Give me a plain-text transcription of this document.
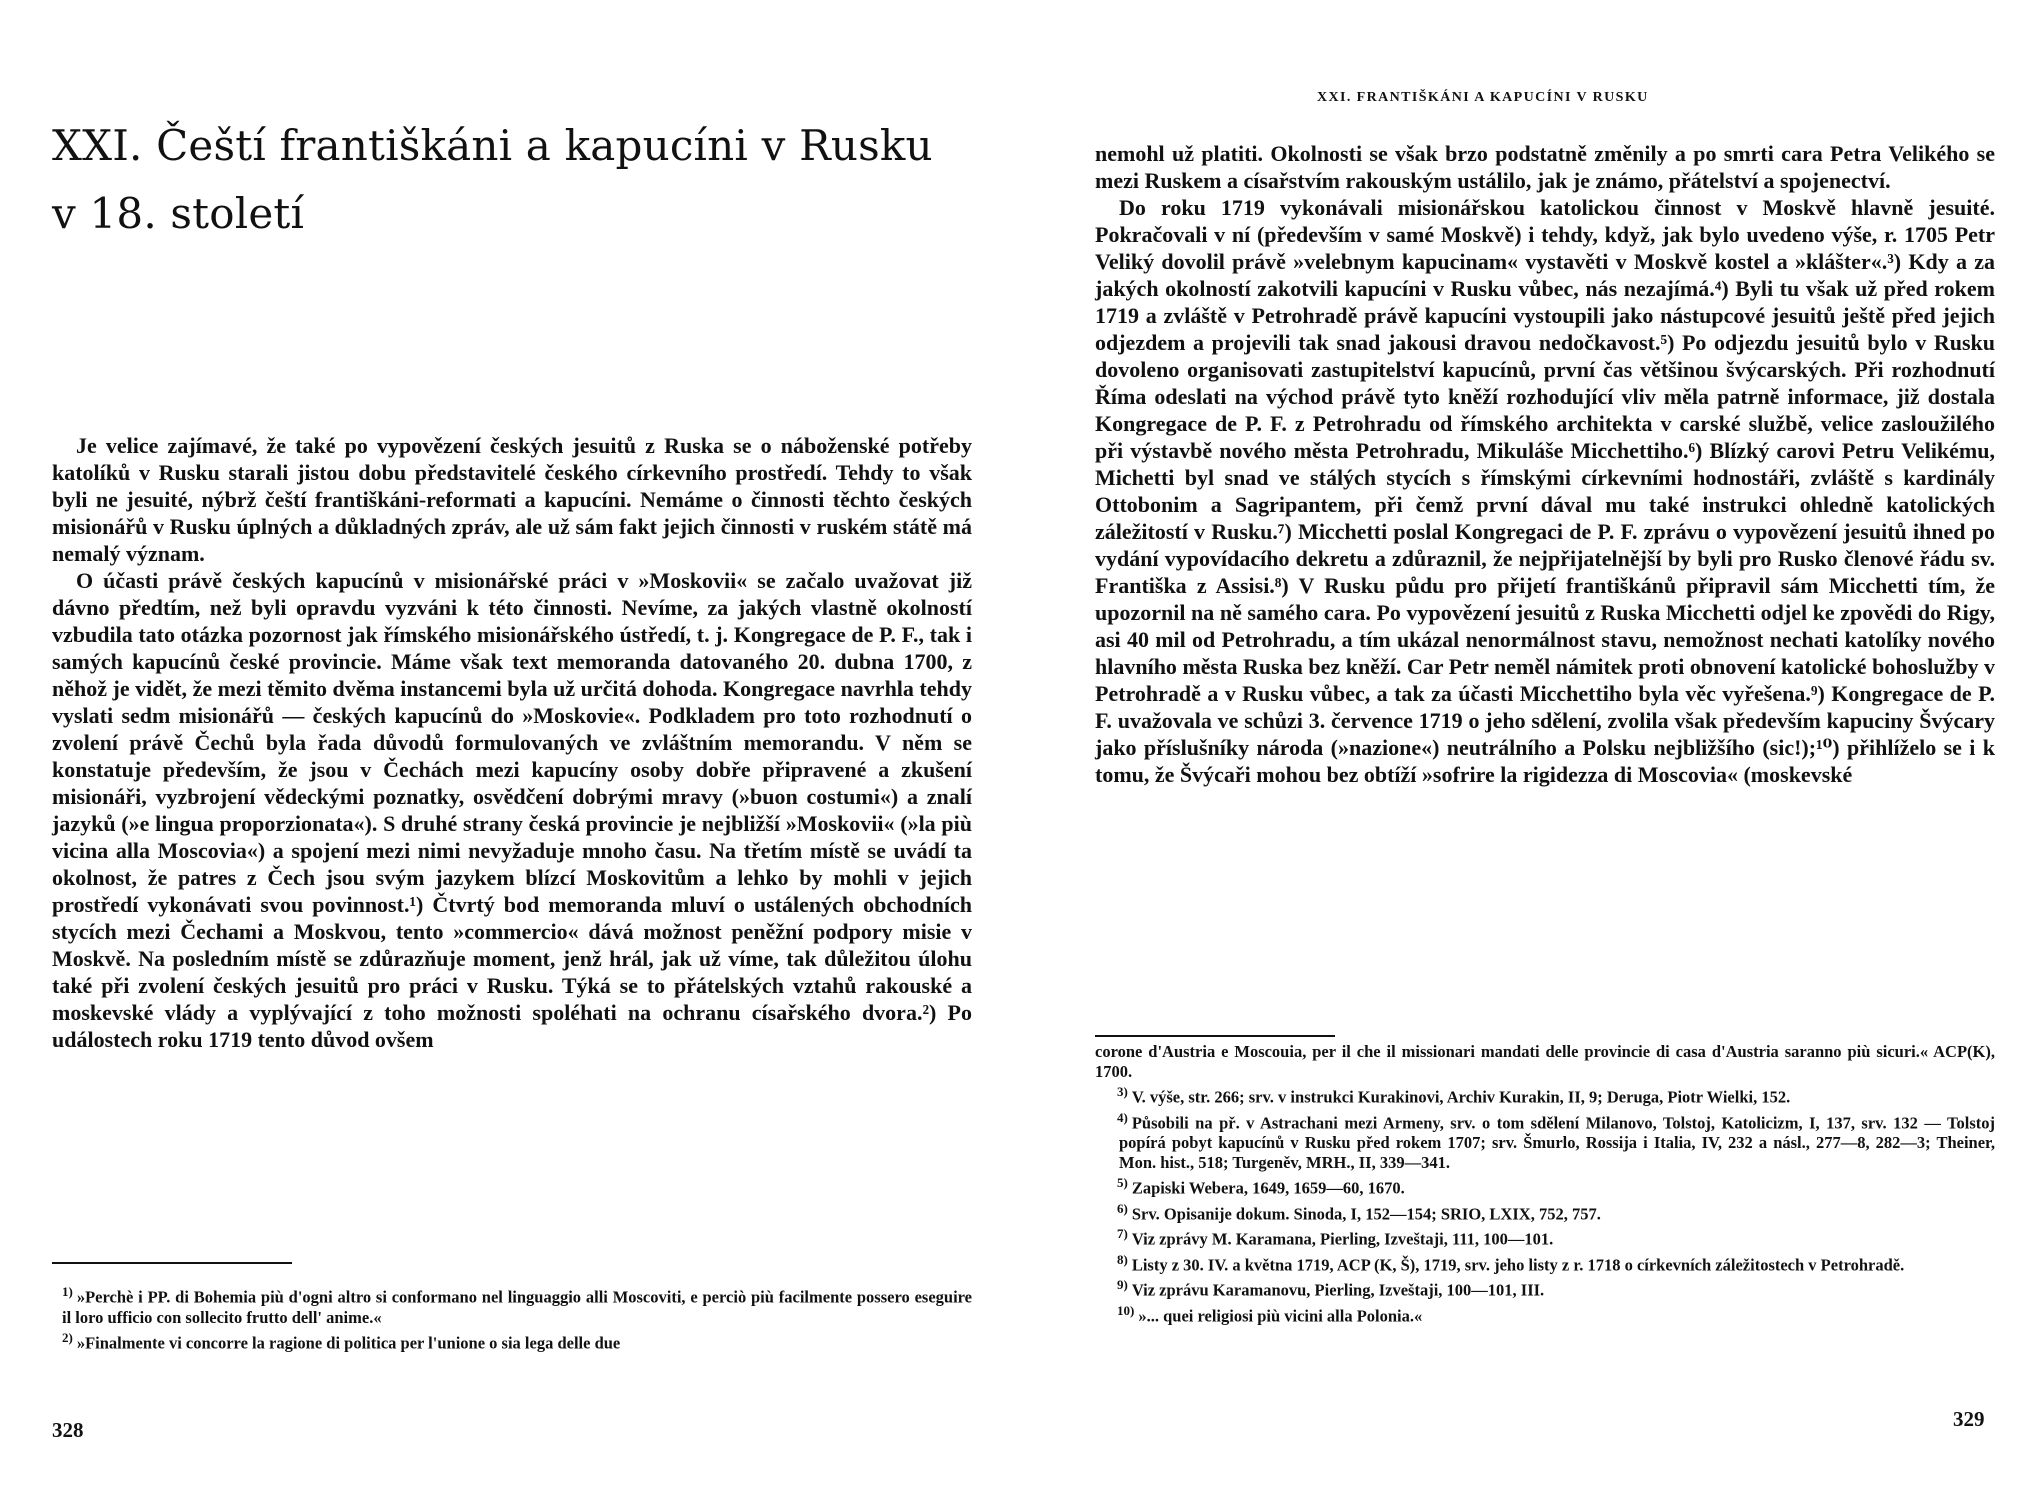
XXI. Čeští františkáni a kapucíni v Rusku
v 18. století

Je velice zajímavé, že také po vypovězení českých jesuitů z Ruska se o náboženské potřeby katolíků v Rusku starali jistou dobu představitelé českého církevního prostředí. Tehdy to však byli ne jesuité, nýbrž čeští františkáni-reformati a kapucíni. Nemáme o činnosti těchto českých misionářů v Rusku úplných a důkladných zpráv, ale už sám fakt jejich činnosti v ruském státě má nemalý význam.

O účasti právě českých kapucínů v misionářské práci v »Moskovii« se začalo uvažovat již dávno předtím, než byli opravdu vyzváni k této činnosti. Nevíme, za jakých vlastně okolností vzbudila tato otázka pozornost jak římského misionářského ústředí, t. j. Kongregace de P. F., tak i samých kapucínů české provincie. Máme však text memoranda datovaného 20. dubna 1700, z něhož je vidět, že mezi těmito dvěma instancemi byla už určitá dohoda. Kongregace navrhla tehdy vyslati sedm misionářů — českých kapucínů do »Moskovie«. Podkladem pro toto rozhodnutí o zvolení právě Čechů byla řada důvodů formulovaných ve zvláštním memorandu. V něm se konstatuje především, že jsou v Čechách mezi kapucíny osoby dobře připravené a zkušení misionáři, vyzbrojení vědeckými poznatky, osvědčení dobrými mravy (»buon costumi«) a znalí jazyků (»e lingua proporzionata«). S druhé strany česká provincie je nejbližší »Moskovii« (»la più vicina alla Moscovia«) a spojení mezi nimi nevyžaduje mnoho času. Na třetím místě se uvádí ta okolnost, že patres z Čech jsou svým jazykem blízcí Moskovitům a lehko by mohli v jejich prostředí vykonávati svou povinnost.¹) Čtvrtý bod memoranda mluví o ustálených obchodních stycích mezi Čechami a Moskvou, tento »commercio« dává možnost peněžní podpory misie v Moskvě. Na posledním místě se zdůrazňuje moment, jenž hrál, jak už víme, tak důležitou úlohu také při zvolení českých jesuitů pro práci v Rusku. Týká se to přátelských vztahů rakouské a moskevské vlády a vyplývající z toho možnosti spoléhati na ochranu císařského dvora.²) Po událostech roku 1719 tento důvod ovšem

$^{1)}$ »Perchè i PP. di Bohemia più d'ogni altro si conformano nel linguaggio alli Moscoviti, e perciò più facilmente possero eseguire il loro ufficio con sollecito frutto dell' anime.«
$^{2)}$ »Finalmente vi concorre la ragione di politica per l'unione o sia lega delle due
328
XXI. FRANTIŠKÁNI A KAPUCÍNI V RUSKU

nemohl už platiti. Okolnosti se však brzo podstatně změnily a po smrti cara Petra Velikého se mezi Ruskem a císařstvím rakouským ustálilo, jak je známo, přátelství a spojenectví.

Do roku 1719 vykonávali misionářskou katolickou činnost v Moskvě hlavně jesuité. Pokračovali v ní (především v samé Moskvě) i tehdy, když, jak bylo uvedeno výše, r. 1705 Petr Veliký dovolil právě »velebnym kapucinam« vystavěti v Moskvě kostel a »klášter«.³) Kdy a za jakých okolností zakotvili kapucíni v Rusku vůbec, nás nezajímá.⁴) Byli tu však už před rokem 1719 a zvláště v Petrohradě právě kapucíni vystoupili jako nástupcové jesuitů ještě před jejich odjezdem a projevili tak snad jakousi dravou nedočkavost.⁵) Po odjezdu jesuitů bylo v Rusku dovoleno organisovati zastupitelství kapucínů, první čas většinou švýcarských. Při rozhodnutí Říma odeslati na východ právě tyto kněží rozhodující vliv měla patrně informace, již dostala Kongregace de P. F. z Petrohradu od římského architekta v carské službě, velice zasloužilého při výstavbě nového města Petrohradu, Mikuláše Micchettiho.⁶) Blízký carovi Petru Velikému, Michetti byl snad ve stálých stycích s římskými církevními hodnostáři, zvláště s kardinály Ottobonim a Sagripantem, při čemž první dával mu také instrukci ohledně katolických záležitostí v Rusku.⁷) Micchetti poslal Kongregaci de P. F. zprávu o vypovězení jesuitů ihned po vydání vypovídacího dekretu a zdůraznil, že nejpřijatelnější by byli pro Rusko členové řádu sv. Františka z Assisi.⁸) V Rusku půdu pro přijetí františkánů připravil sám Micchetti tím, že upozornil na ně samého cara. Po vypovězení jesuitů z Ruska Micchetti odjel ke zpovědi do Rigy, asi 40 mil od Petrohradu, a tím ukázal nenormálnost stavu, nemožnost nechati katolíky nového hlavního města Ruska bez kněží. Car Petr neměl námitek proti obnovení katolické bohoslužby v Petrohradě a v Rusku vůbec, a tak za účasti Micchettiho byla věc vyřešena.⁹) Kongregace de P. F. uvažovala ve schůzi 3. července 1719 o jeho sdělení, zvolila však především kapuciny Švýcary jako příslušníky národa (»nazione«) neutrálního a Polsku nejbližšího (sic!);¹⁰) přihlíželo se i k tomu, že Švýcaři mohou bez obtíží »sofrire la rigidezza di Moscovia« (moskevské

corone d'Austria e Moscouia, per il che il missionari mandati delle provincie di casa d'Austria saranno più sicuri.« ACP(K), 1700.
$^{3)}$ V. výše, str. 266; srv. v instrukci Kurakinovi, Archiv Kurakin, II, 9; Deruga, Piotr Wielki, 152.
$^{4)}$ Působili na př. v Astrachani mezi Armeny, srv. o tom sdělení Milanovo, Tolstoj, Katolicizm, I, 137, srv. 132 — Tolstoj popírá pobyt kapucínů v Rusku před rokem 1707; srv. Šmurlo, Rossija i Italia, IV, 232 a násl., 277—8, 282—3; Theiner, Mon. hist., 518; Turgeněv, MRH., II, 339—341.
$^{5)}$ Zapiski Webera, 1649, 1659—60, 1670.
$^{6)}$ Srv. Opisanije dokum. Sinoda, I, 152—154; SRIO, LXIX, 752, 757.
$^{7)}$ Viz zprávy M. Karamana, Pierling, Izveštaji, 111, 100—101.
$^{8)}$ Listy z 30. IV. a května 1719, ACP (K, Š), 1719, srv. jeho listy z r. 1718 o církevních záležitostech v Petrohradě.
$^{9)}$ Viz zprávu Karamanovu, Pierling, Izveštaji, 100—101, III.
$^{10)}$ »... quei religiosi più vicini alla Polonia.«
329
